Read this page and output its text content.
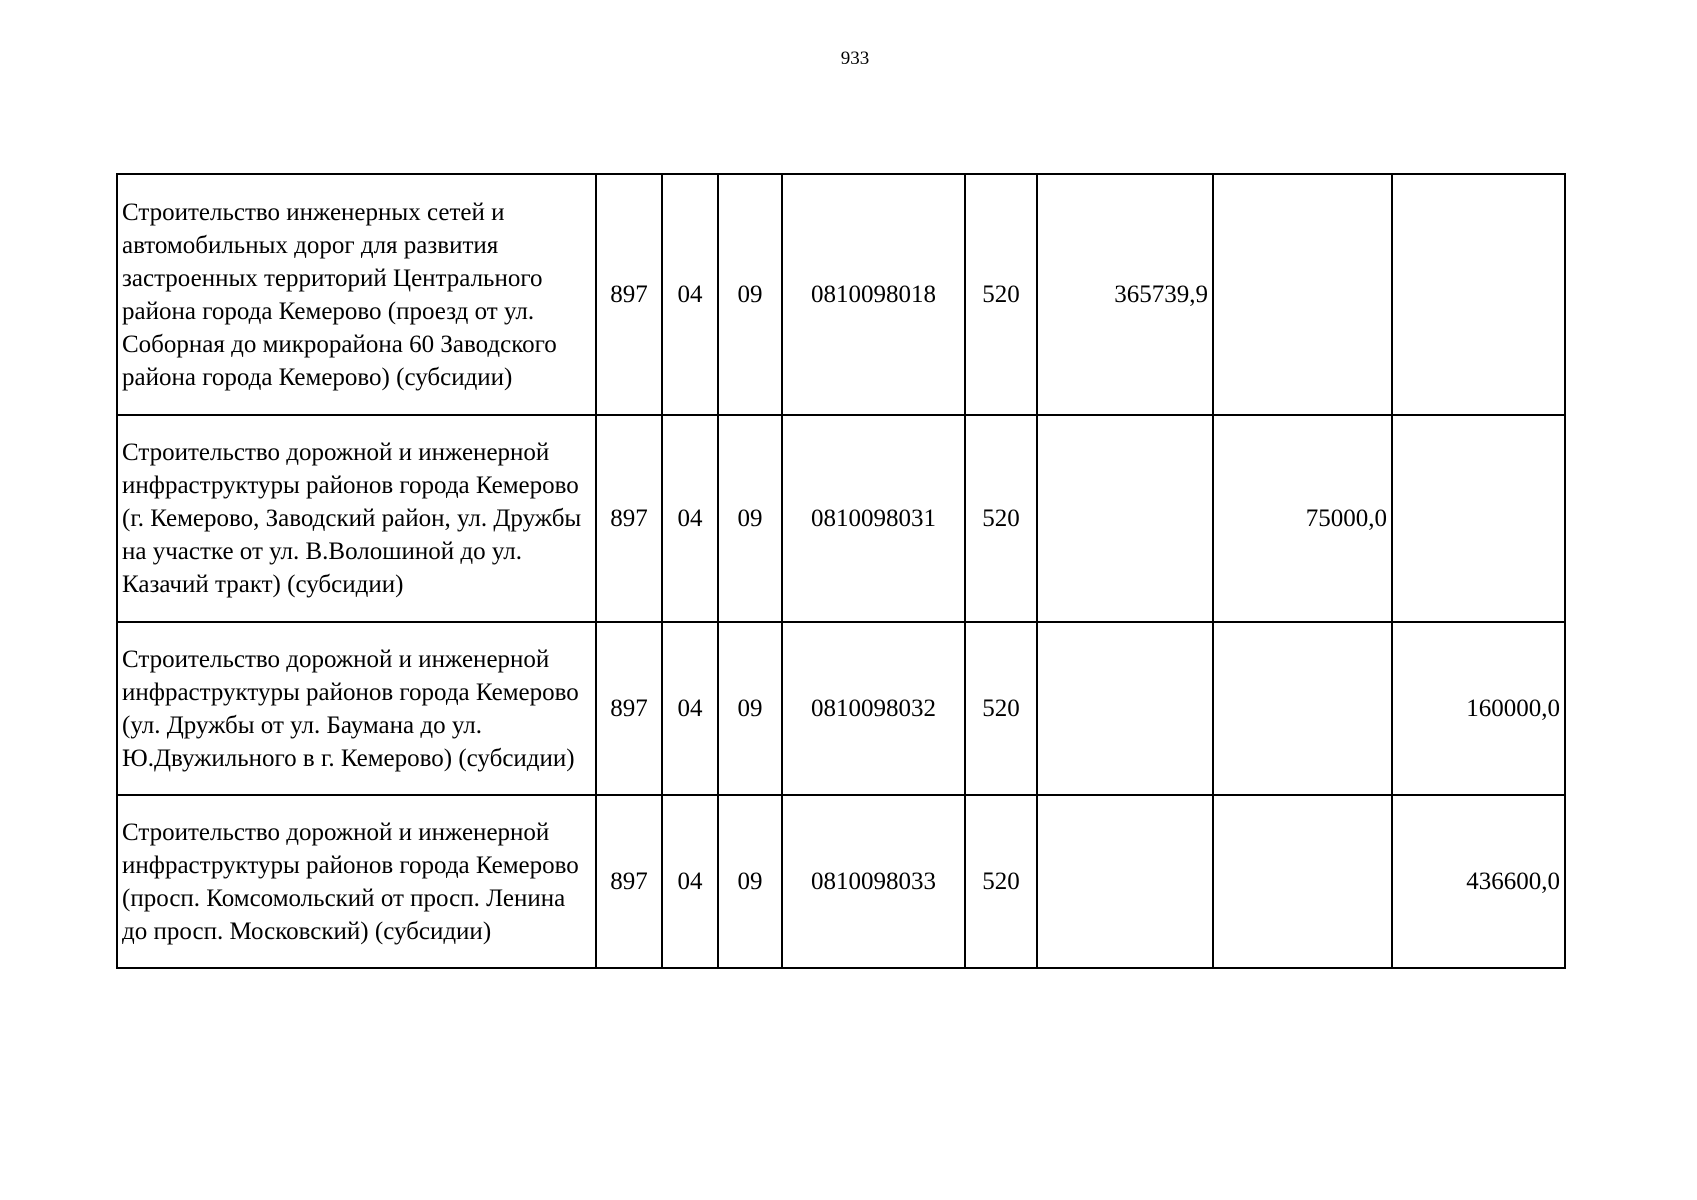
933
Строительство инженерных сетей и автомобильных дорог для развития застроенных территорий Центрального района города Кемерово (проезд от ул. Соборная до микрорайона 60 Заводского района города Кемерово) (субсидии)	897	04	09	0810098018	520	365739,9		
Строительство дорожной и инженерной инфраструктуры районов города Кемерово (г. Кемерово, Заводский район, ул. Дружбы на участке от ул. В.Волошиной до ул. Казачий тракт) (субсидии)	897	04	09	0810098031	520		75000,0	
Строительство дорожной и инженерной инфраструктуры районов города Кемерово (ул. Дружбы от ул. Баумана до ул. Ю.Двужильного в г. Кемерово) (субсидии)	897	04	09	0810098032	520			160000,0
Строительство дорожной и инженерной инфраструктуры районов города Кемерово (просп. Комсомольский от просп. Ленина до просп. Московский) (субсидии)	897	04	09	0810098033	520			436600,0
